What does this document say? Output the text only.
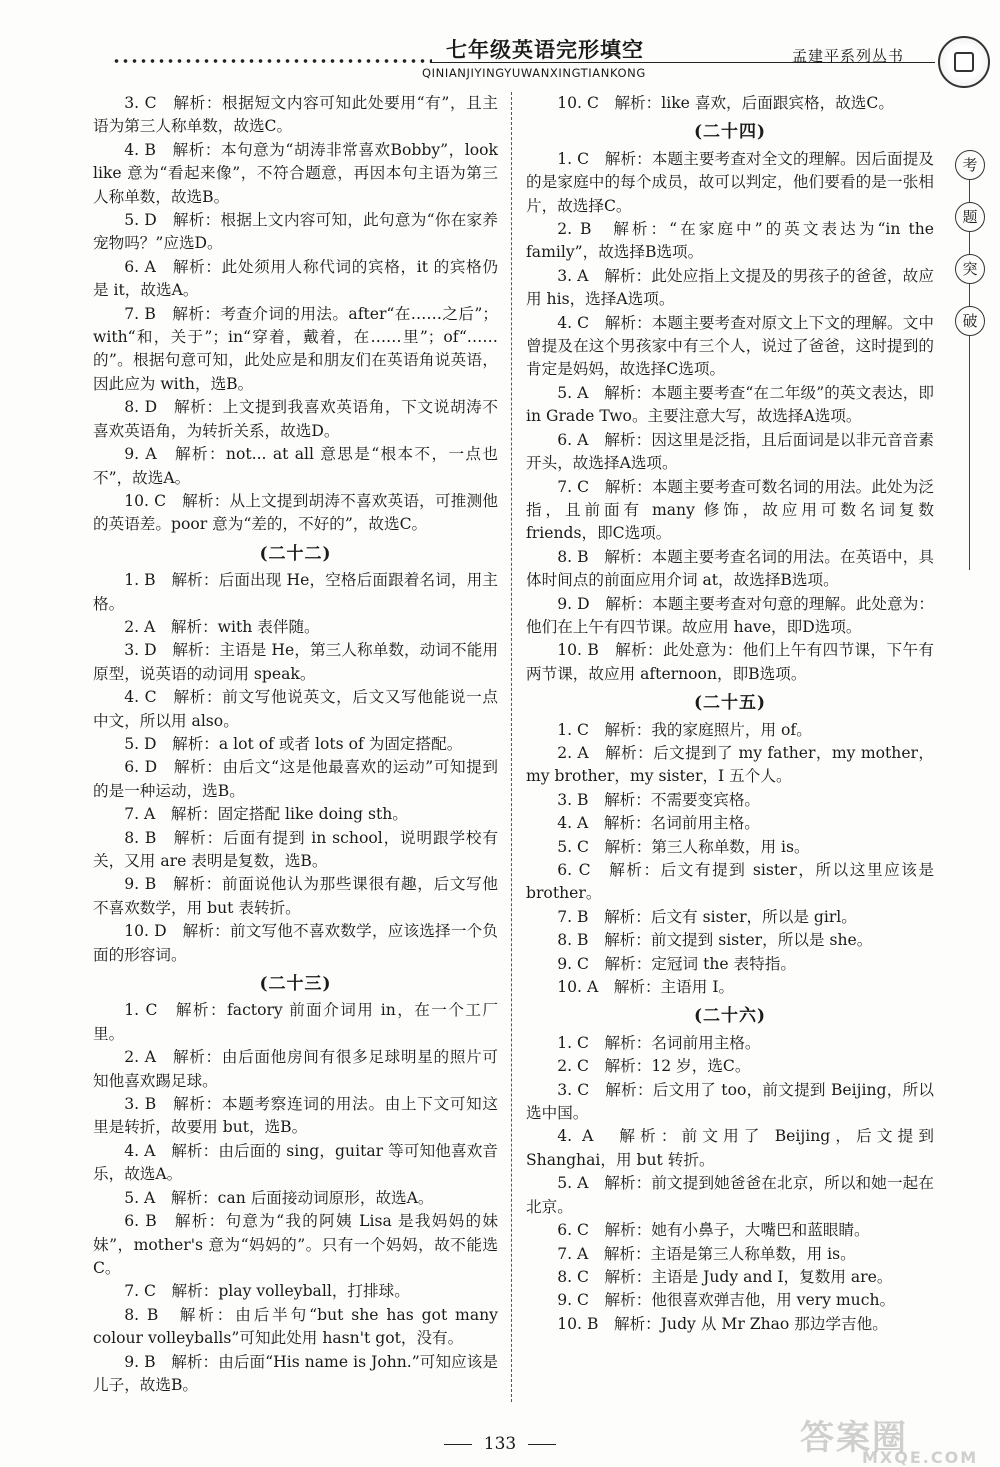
七年级英语完形填空
QINIANJIYINGYUWANXINGTIANKONG
孟建平系列丛书
考
题
突
破
3. C　解析：根据短文内容可知此处要用“有”，且主语为第三人称单数，故选C。
4. B　解析：本句意为“胡涛非常喜欢Bobby”，look like 意为“看起来像”，不符合题意，再因本句主语为第三人称单数，故选B。
5. D　解析：根据上文内容可知，此句意为“你在家养宠物吗？”应选D。
6. A　解析：此处须用人称代词的宾格，it 的宾格仍是 it，故选A。
7. B　解析：考查介词的用法。after“在……之后”；with“和，关于”；in“穿着，戴着，在……里”；of“……的”。根据句意可知，此处应是和朋友们在英语角说英语，因此应为 with，选B。
8. D　解析：上文提到我喜欢英语角，下文说胡涛不喜欢英语角，为转折关系，故选D。
9. A　解析：not... at all 意思是“根本不，一点也不”，故选A。
10. C　解析：从上文提到胡涛不喜欢英语，可推测他的英语差。poor 意为“差的，不好的”，故选C。
(二十二)
1. B　解析：后面出现 He，空格后面跟着名词，用主格。
2. A　解析：with 表伴随。
3. D　解析：主语是 He，第三人称单数，动词不能用原型，说英语的动词用 speak。
4. C　解析：前文写他说英文，后文又写他能说一点中文，所以用 also。
5. D　解析：a lot of 或者 lots of 为固定搭配。
6. D　解析：由后文“这是他最喜欢的运动”可知提到的是一种运动，选B。
7. A　解析：固定搭配 like doing sth。
8. B　解析：后面有提到 in school，说明跟学校有关，又用 are 表明是复数，选B。
9. B　解析：前面说他认为那些课很有趣，后文写他不喜欢数学，用 but 表转折。
10. D　解析：前文写他不喜欢数学，应该选择一个负面的形容词。
(二十三)
1. C　解析：factory 前面介词用 in，在一个工厂里。
2. A　解析：由后面他房间有很多足球明星的照片可知他喜欢踢足球。
3. B　解析：本题考察连词的用法。由上下文可知这里是转折，故要用 but，选B。
4. A　解析：由后面的 sing，guitar 等可知他喜欢音乐，故选A。
5. A　解析：can 后面接动词原形，故选A。
6. B　解析：句意为“我的阿姨 Lisa 是我妈妈的妹妹”，mother's 意为“妈妈的”。只有一个妈妈，故不能选C。
7. C　解析：play volleyball，打排球。
8. B　解析：由后半句“but she has got many colour volleyballs”可知此处用 hasn't got，没有。
9. B　解析：由后面“His name is John.”可知应该是儿子，故选B。
10. C　解析：like 喜欢，后面跟宾格，故选C。
(二十四)
1. C　解析：本题主要考查对全文的理解。因后面提及的是家庭中的每个成员，故可以判定，他们要看的是一张相片，故选择C。
2. B　解析：“在家庭中”的英文表达为“in the family”，故选择B选项。
3. A　解析：此处应指上文提及的男孩子的爸爸，故应用 his，选择A选项。
4. C　解析：本题主要考查对原文上下文的理解。文中曾提及在这个男孩家中有三个人，说过了爸爸，这时提到的肯定是妈妈，故选择C选项。
5. A　解析：本题主要考查“在二年级”的英文表达，即 in Grade Two。主要注意大写，故选择A选项。
6. A　解析：因这里是泛指，且后面词是以非元音音素开头，故选择A选项。
7. C　解析：本题主要考查可数名词的用法。此处为泛指，且前面有 many 修饰，故应用可数名词复数 friends，即C选项。
8. B　解析：本题主要考查名词的用法。在英语中，具体时间点的前面应用介词 at，故选择B选项。
9. D　解析：本题主要考查对句意的理解。此处意为：他们在上午有四节课。故应用 have，即D选项。
10. B　解析：此处意为：他们上午有四节课，下午有两节课，故应用 afternoon，即B选项。
(二十五)
1. C　解析：我的家庭照片，用 of。
2. A　解析：后文提到了 my father，my mother，my brother，my sister，I 五个人。
3. B　解析：不需要变宾格。
4. A　解析：名词前用主格。
5. C　解析：第三人称单数，用 is。
6. C　解析：后文有提到 sister，所以这里应该是 brother。
7. B　解析：后文有 sister，所以是 girl。
8. B　解析：前文提到 sister，所以是 she。
9. C　解析：定冠词 the 表特指。
10. A　解析：主语用 I。
(二十六)
1. C　解析：名词前用主格。
2. C　解析：12 岁，选C。
3. C　解析：后文用了 too，前文提到 Beijing，所以选中国。
4. A　解析：前文用了 Beijing，后文提到 Shanghai，用 but 转折。
5. A　解析：前文提到她爸爸在北京，所以和她一起在北京。
6. C　解析：她有小鼻子，大嘴巴和蓝眼睛。
7. A　解析：主语是第三人称单数，用 is。
8. C　解析：主语是 Judy and I，复数用 are。
9. C　解析：他很喜欢弹吉他，用 very much。
10. B　解析：Judy 从 Mr Zhao 那边学吉他。
133	答案圈
MXQE.COM
